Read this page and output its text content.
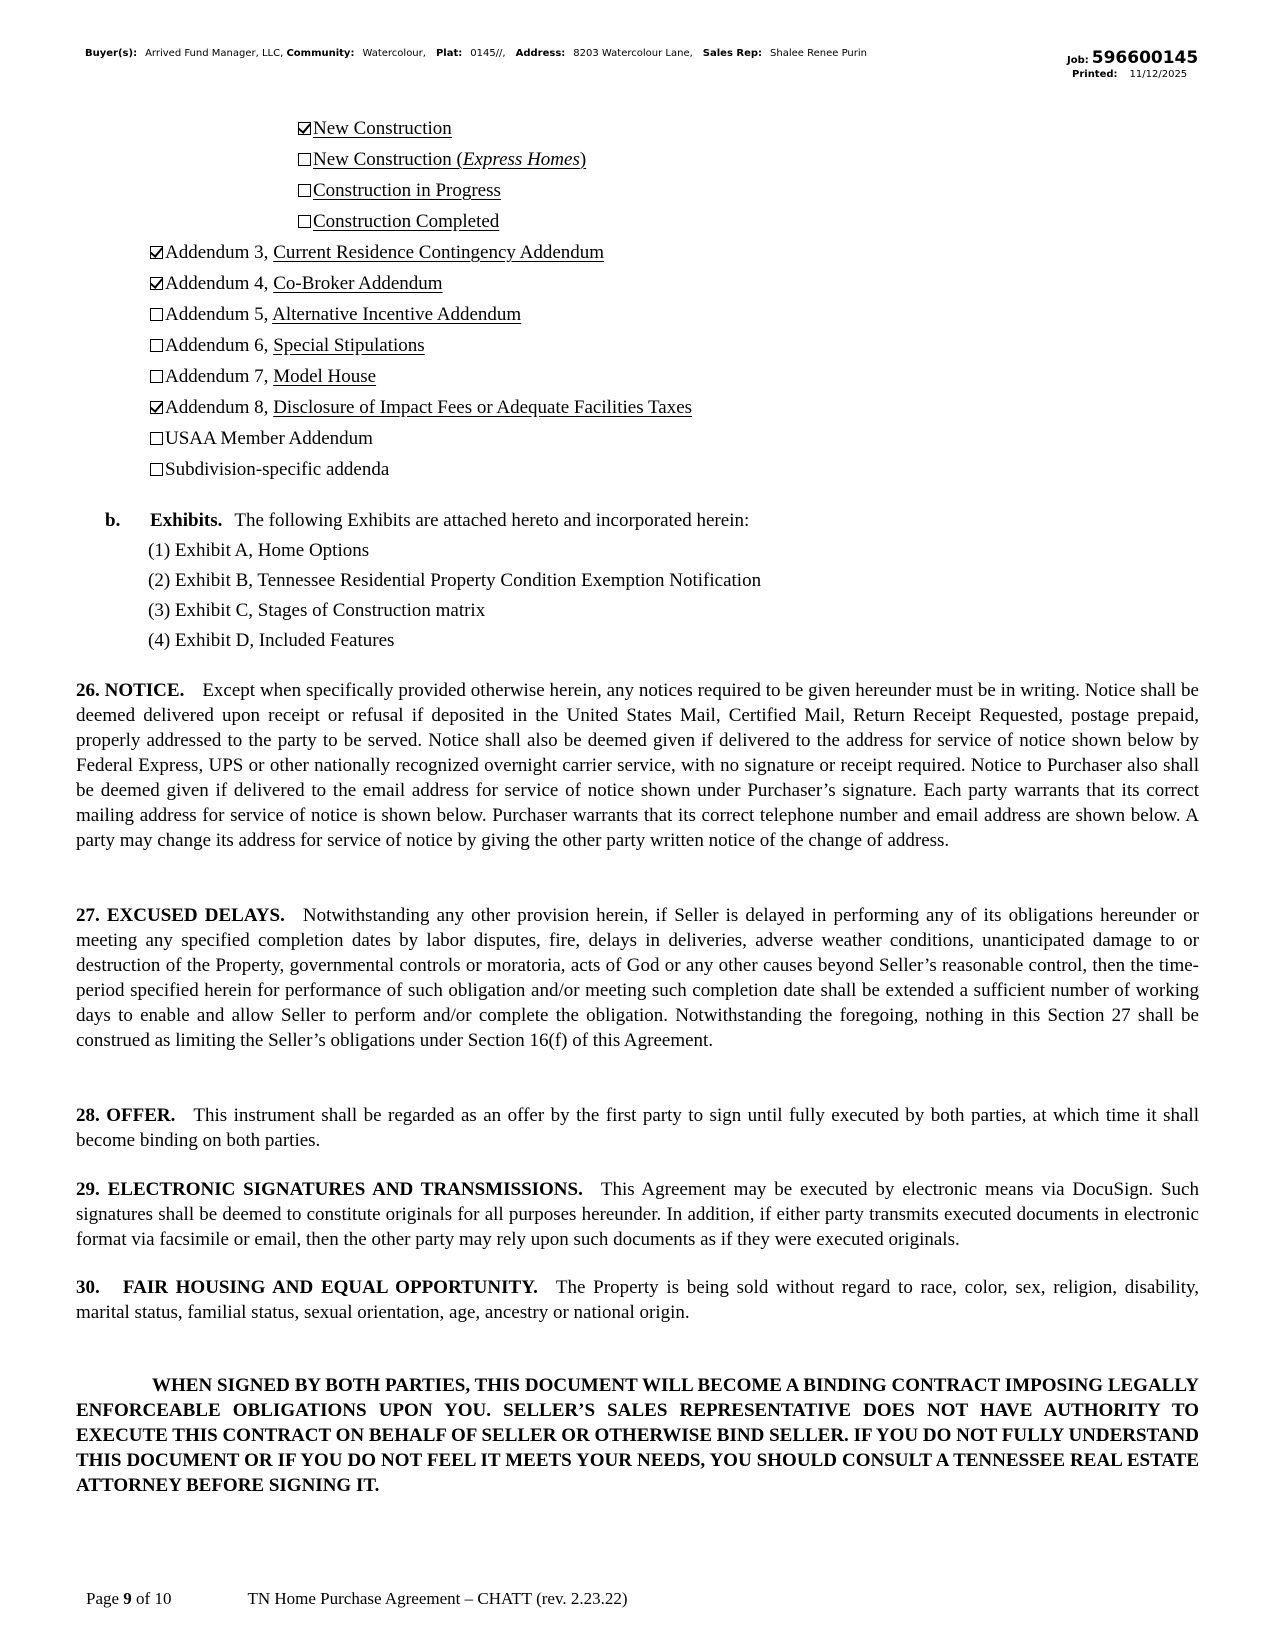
Buyer(s): Arrived Fund Manager, LLC, Community: Watercolour, Plat: 0145//, Address: 8203 Watercolour Lane, Sales Rep: Shalee Renee Purin
Job: 596600145
Printed: 11/12/2025
New Construction
New Construction (Express Homes)
Construction in Progress
Construction Completed
Addendum 3, Current Residence Contingency Addendum
Addendum 4, Co-Broker Addendum
Addendum 5, Alternative Incentive Addendum
Addendum 6, Special Stipulations
Addendum 7, Model House
Addendum 8, Disclosure of Impact Fees or Adequate Facilities Taxes
USAA Member Addendum
Subdivision-specific addenda
b. Exhibits. The following Exhibits are attached hereto and incorporated herein:
(1) Exhibit A, Home Options
(2) Exhibit B, Tennessee Residential Property Condition Exemption Notification
(3) Exhibit C, Stages of Construction matrix
(4) Exhibit D, Included Features
26. NOTICE. Except when specifically provided otherwise herein, any notices required to be given hereunder must be in writing. Notice shall be deemed delivered upon receipt or refusal if deposited in the United States Mail, Certified Mail, Return Receipt Requested, postage prepaid, properly addressed to the party to be served. Notice shall also be deemed given if delivered to the address for service of notice shown below by Federal Express, UPS or other nationally recognized overnight carrier service, with no signature or receipt required. Notice to Purchaser also shall be deemed given if delivered to the email address for service of notice shown under Purchaser’s signature. Each party warrants that its correct mailing address for service of notice is shown below. Purchaser warrants that its correct telephone number and email address are shown below. A party may change its address for service of notice by giving the other party written notice of the change of address.
27. EXCUSED DELAYS. Notwithstanding any other provision herein, if Seller is delayed in performing any of its obligations hereunder or meeting any specified completion dates by labor disputes, fire, delays in deliveries, adverse weather conditions, unanticipated damage to or destruction of the Property, governmental controls or moratoria, acts of God or any other causes beyond Seller’s reasonable control, then the time-period specified herein for performance of such obligation and/or meeting such completion date shall be extended a sufficient number of working days to enable and allow Seller to perform and/or complete the obligation. Notwithstanding the foregoing, nothing in this Section 27 shall be construed as limiting the Seller’s obligations under Section 16(f) of this Agreement.
28. OFFER. This instrument shall be regarded as an offer by the first party to sign until fully executed by both parties, at which time it shall become binding on both parties.
29. ELECTRONIC SIGNATURES AND TRANSMISSIONS. This Agreement may be executed by electronic means via DocuSign. Such signatures shall be deemed to constitute originals for all purposes hereunder. In addition, if either party transmits executed documents in electronic format via facsimile or email, then the other party may rely upon such documents as if they were executed originals.
30.   FAIR HOUSING AND EQUAL OPPORTUNITY. The Property is being sold without regard to race, color, sex, religion, disability, marital status, familial status, sexual orientation, age, ancestry or national origin.
WHEN SIGNED BY BOTH PARTIES, THIS DOCUMENT WILL BECOME A BINDING CONTRACT IMPOSING LEGALLY ENFORCEABLE OBLIGATIONS UPON YOU. SELLER’S SALES REPRESENTATIVE DOES NOT HAVE AUTHORITY TO EXECUTE THIS CONTRACT ON BEHALF OF SELLER OR OTHERWISE BIND SELLER. IF YOU DO NOT FULLY UNDERSTAND THIS DOCUMENT OR IF YOU DO NOT FEEL IT MEETS YOUR NEEDS, YOU SHOULD CONSULT A TENNESSEE REAL ESTATE ATTORNEY BEFORE SIGNING IT.
Page 9 of 10	TN Home Purchase Agreement – CHATT (rev. 2.23.22)
